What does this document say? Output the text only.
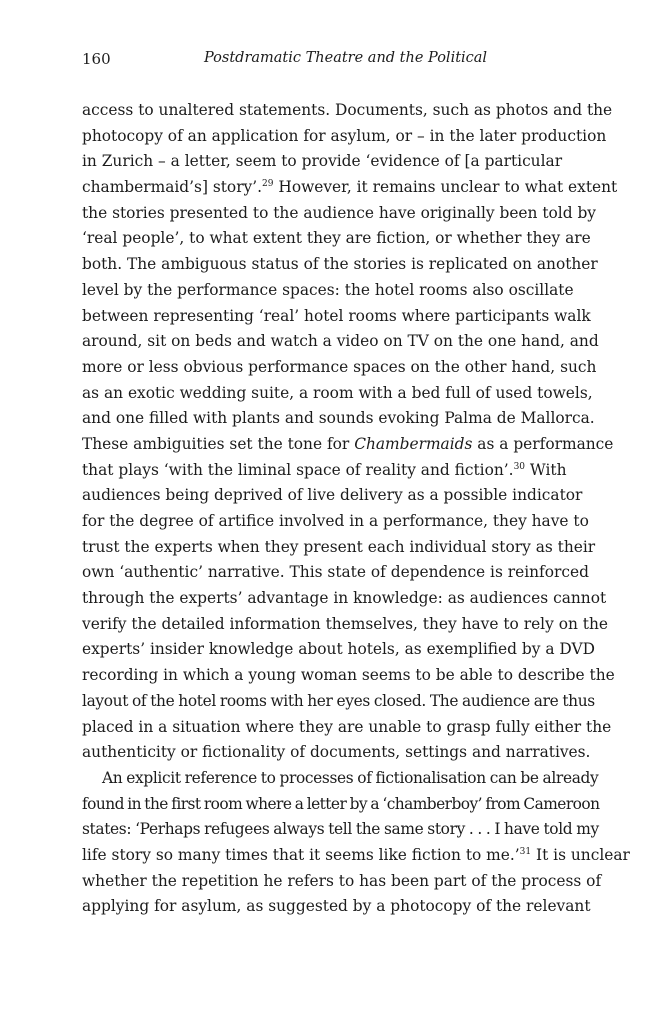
160	Postdramatic Theatre and the Political
access to unaltered statements. Documents, such as photos and the
photocopy of an application for asylum, or – in the later production
in Zurich – a letter, seem to provide ‘evidence of [a particular
chambermaid’s] story’.$^{29}$ However, it remains unclear to what extent
the stories presented to the audience have originally been told by
‘real people’, to what extent they are fiction, or whether they are
both. The ambiguous status of the stories is replicated on another
level by the performance spaces: the hotel rooms also oscillate
between representing ‘real’ hotel rooms where participants walk
around, sit on beds and watch a video on TV on the one hand, and
more or less obvious performance spaces on the other hand, such
as an exotic wedding suite, a room with a bed full of used towels,
and one filled with plants and sounds evoking Palma de Mallorca.
These ambiguities set the tone for Chambermaids as a performance
that plays ‘with the liminal space of reality and fiction’.$^{30}$ With
audiences being deprived of live delivery as a possible indicator
for the degree of artifice involved in a performance, they have to
trust the experts when they present each individual story as their
own ‘authentic’ narrative. This state of dependence is reinforced
through the experts’ advantage in knowledge: as audiences cannot
verify the detailed information themselves, they have to rely on the
experts’ insider knowledge about hotels, as exemplified by a DVD
recording in which a young woman seems to be able to describe the
layout of the hotel rooms with her eyes closed. The audience are thus
placed in a situation where they are unable to grasp fully either the
authenticity or fictionality of documents, settings and narratives.
An explicit reference to processes of fictionalisation can be already
found in the first room where a letter by a ‘chamberboy’ from Cameroon
states: ‘Perhaps refugees always tell the same story . . . I have told my
life story so many times that it seems like fiction to me.’$^{31}$ It is unclear
whether the repetition he refers to has been part of the process of
applying for asylum, as suggested by a photocopy of the relevant
